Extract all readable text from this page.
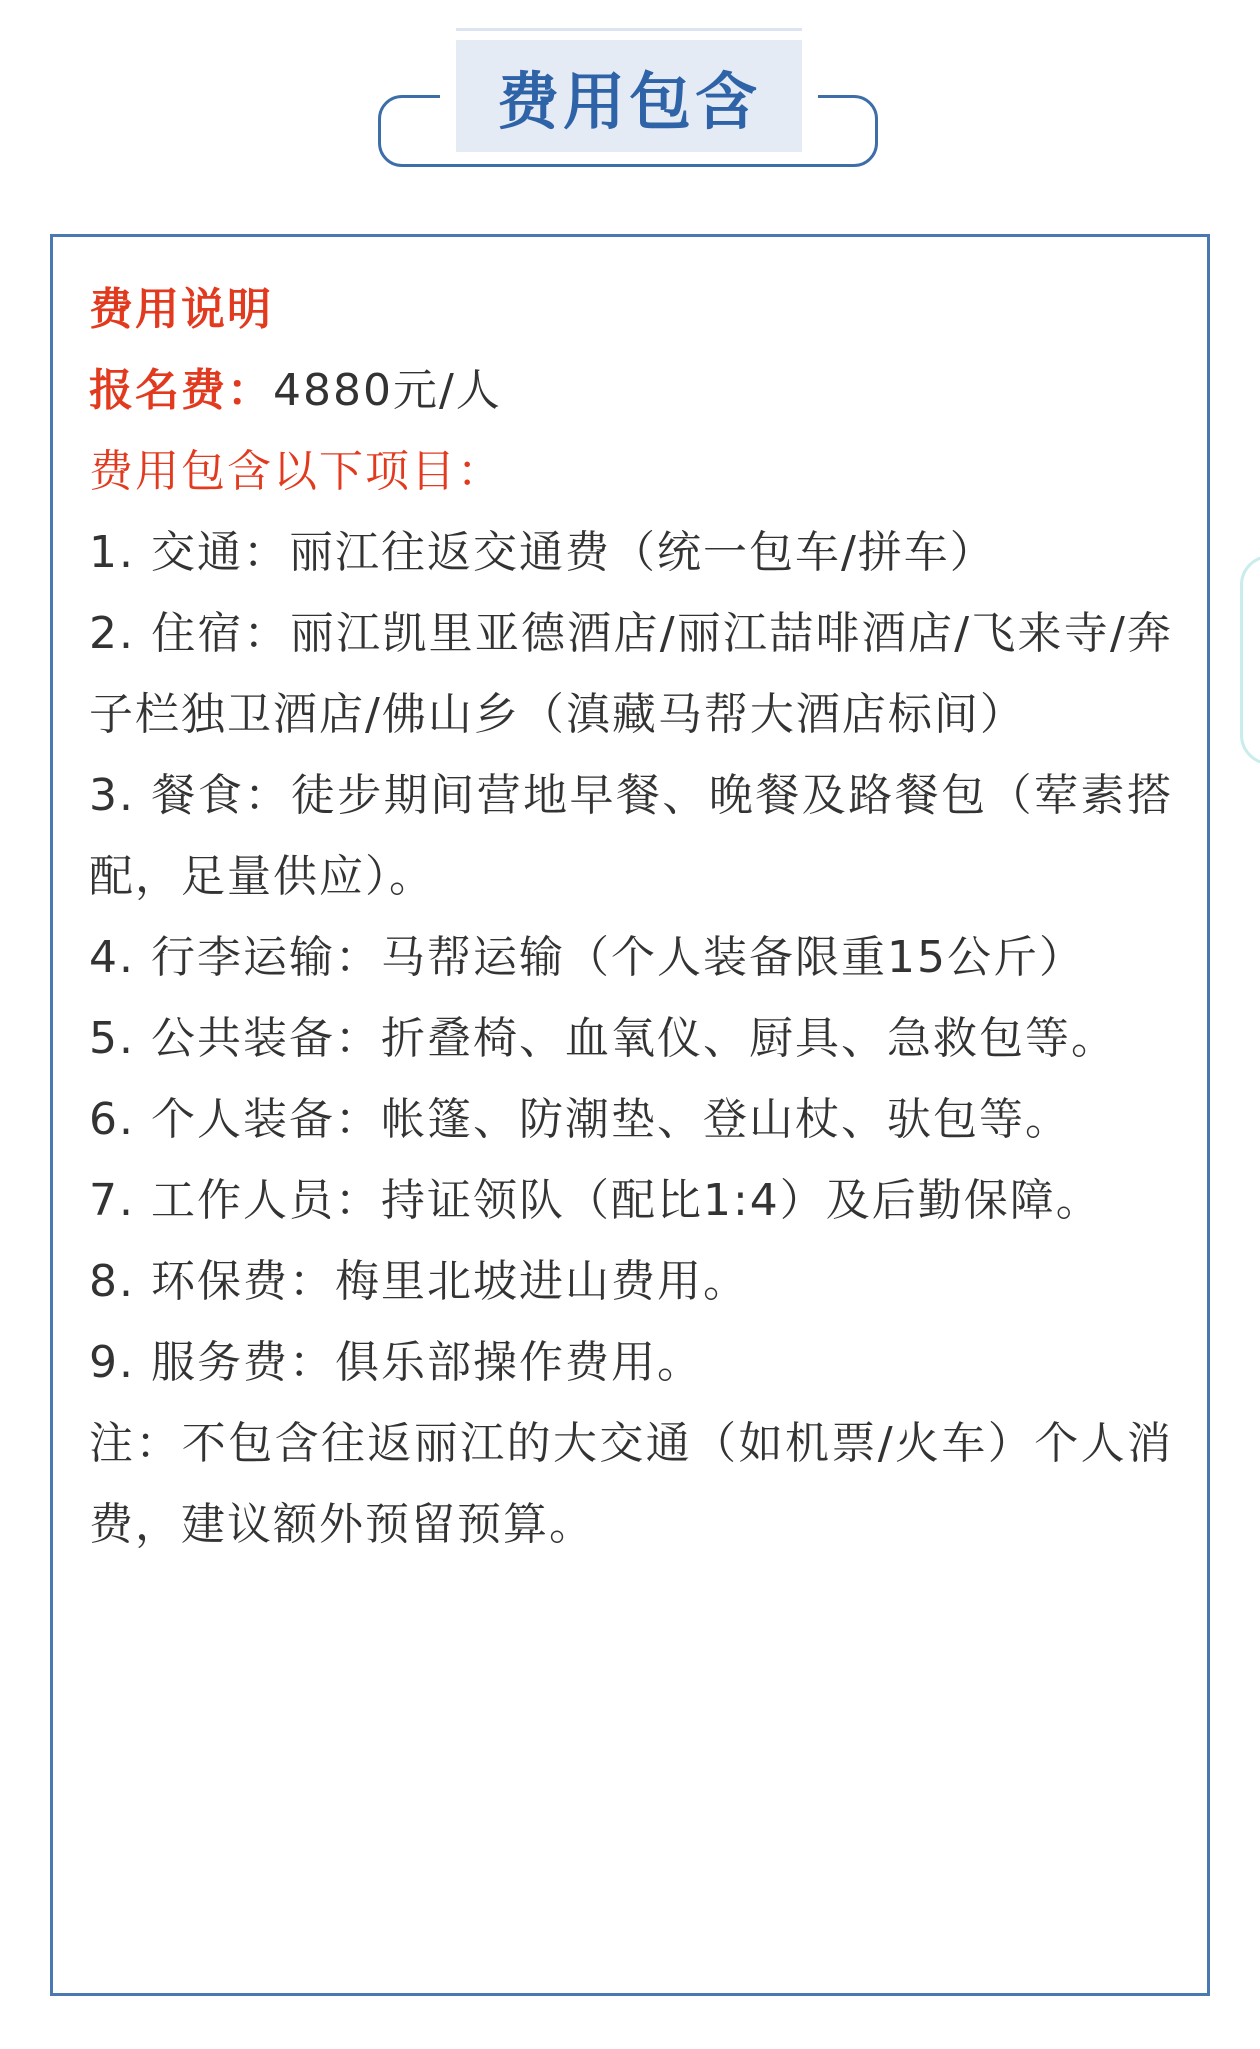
费用包含

费用说明

报名费：4880元/人

费用包含以下项目：

1. 交通：丽江往返交通费（统一包车/拼车）

2. 住宿：丽江凯里亚德酒店/丽江喆啡酒店/飞来寺/奔子栏独卫酒店/佛山乡（滇藏马帮大酒店标间）

3. 餐食：徒步期间营地早餐、晚餐及路餐包（荤素搭配，足量供应）。

4. 行李运输：马帮运输（个人装备限重15公斤）

5. 公共装备：折叠椅、血氧仪、厨具、急救包等。

6. 个人装备：帐篷、防潮垫、登山杖、驮包等。

7. 工作人员：持证领队（配比1:4）及后勤保障。

8. 环保费：梅里北坡进山费用。

9. 服务费：俱乐部操作费用。

注：不包含往返丽江的大交通（如机票/火车）个人消费，建议额外预留预算。
